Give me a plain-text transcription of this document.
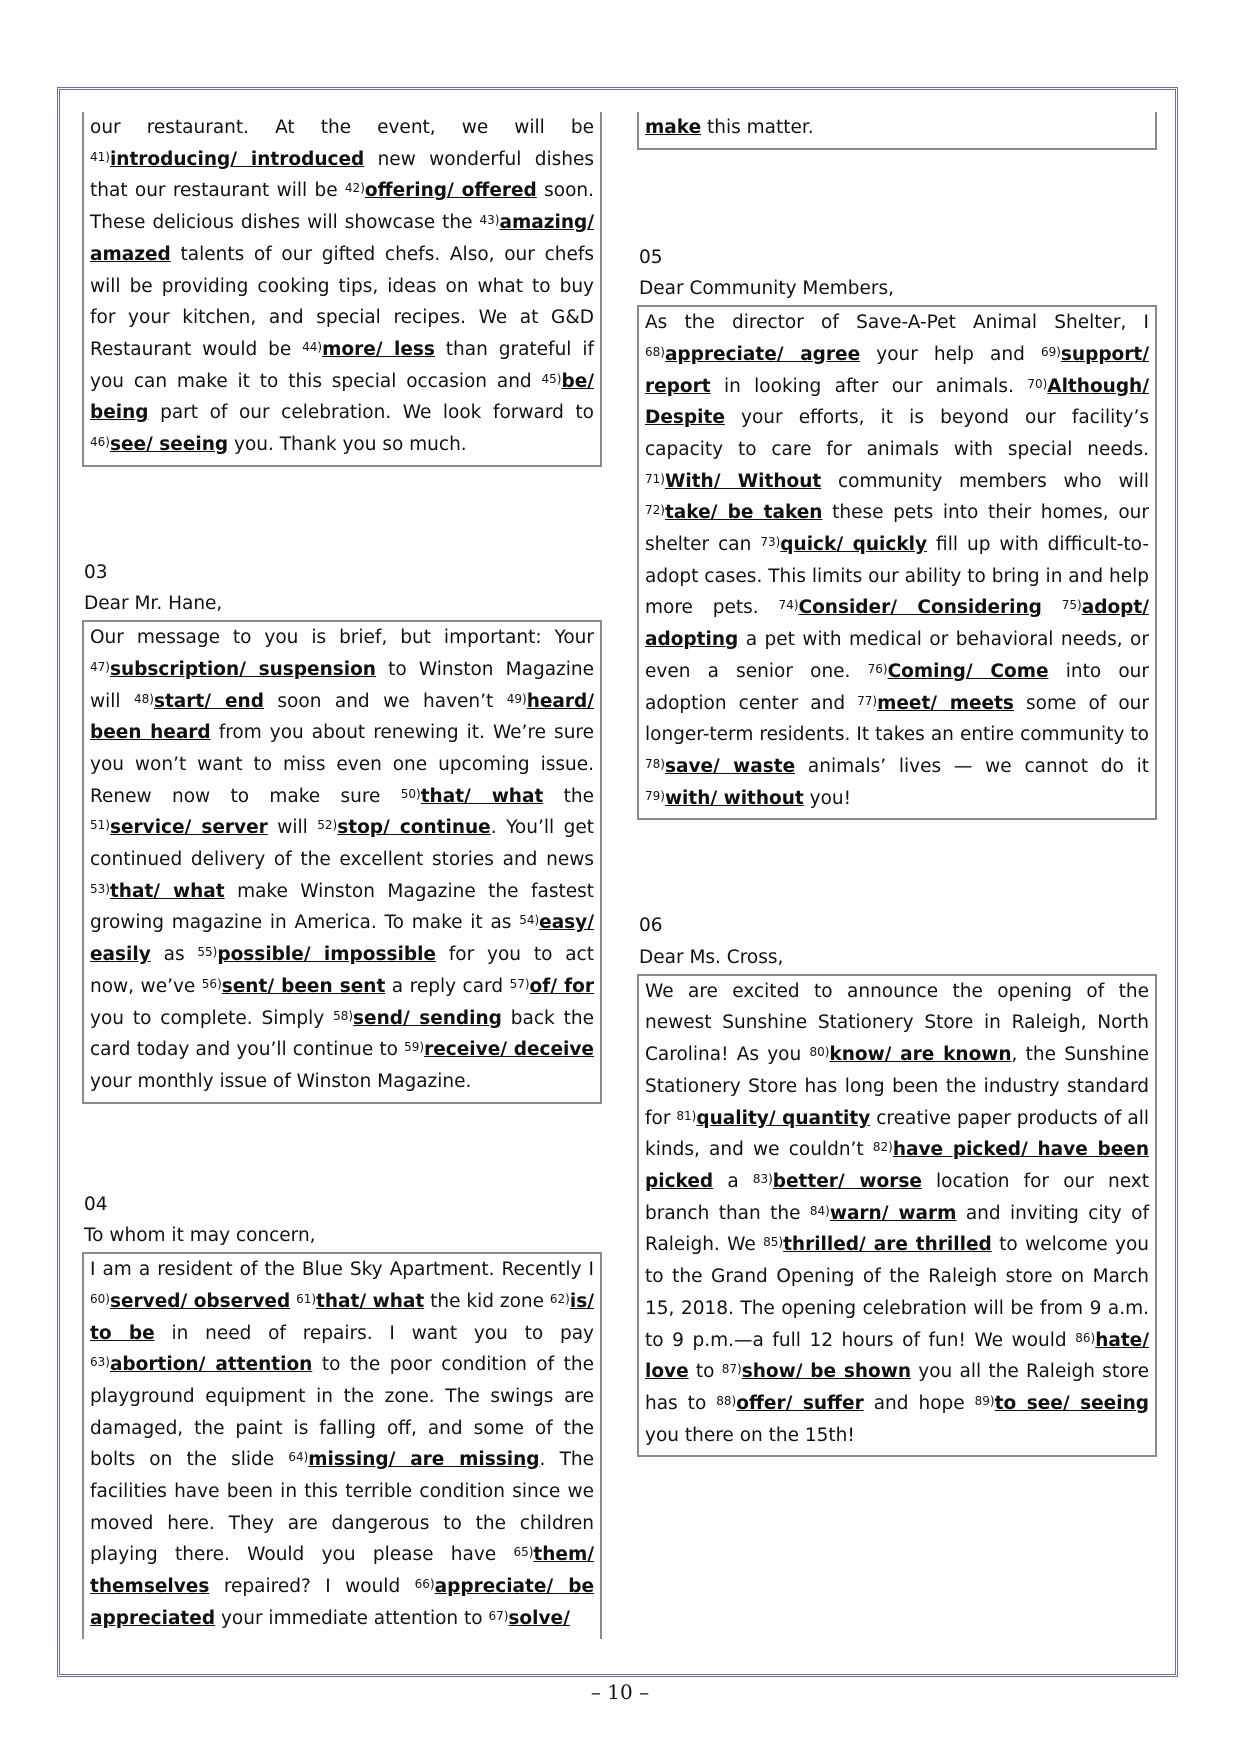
our restaurant. At the event, we will be $^{41)}$introducing/ introduced new wonderful dishes that our restaurant will be $^{42)}$offering/ offered soon. These delicious dishes will showcase the $^{43)}$amazing/ amazed talents of our gifted chefs. Also, our chefs will be providing cooking tips, ideas on what to buy for your kitchen, and special recipes. We at G&D Restaurant would be $^{44)}$more/ less than grateful if you can make it to this special occasion and $^{45)}$be/ being part of our celebration. We look forward to $^{46)}$see/ seeing you. Thank you so much.

03
Dear Mr. Hane,

Our message to you is brief, but important: Your $^{47)}$subscription/ suspension to Winston Magazine will $^{48)}$start/ end soon and we haven’t $^{49)}$heard/ been heard from you about renewing it. We’re sure you won’t want to miss even one upcoming issue. Renew now to make sure $^{50)}$that/ what the $^{51)}$service/ server will $^{52)}$stop/ continue. You’ll get continued delivery of the excellent stories and news $^{53)}$that/ what make Winston Magazine the fastest growing magazine in America. To make it as $^{54)}$easy/ easily as $^{55)}$possible/ impossible for you to act now, we’ve $^{56)}$sent/ been sent a reply card $^{57)}$of/ for you to complete. Simply $^{58)}$send/ sending back the card today and you’ll continue to $^{59)}$receive/ deceive your monthly issue of Winston Magazine.

04
To whom it may concern,

I am a resident of the Blue Sky Apartment. Recently I $^{60)}$served/ observed $^{61)}$that/ what the kid zone $^{62)}$is/ to be in need of repairs. I want you to pay $^{63)}$abortion/ attention to the poor condition of the playground equipment in the zone. The swings are damaged, the paint is falling off, and some of the bolts on the slide $^{64)}$missing/ are missing. The facilities have been in this terrible condition since we moved here. They are dangerous to the children playing there. Would you please have $^{65)}$them/ themselves repaired? I would $^{66)}$appreciate/ be appreciated your immediate attention to $^{67)}$solve/

make this matter.

05
Dear Community Members,

As the director of Save-A-Pet Animal Shelter, I $^{68)}$appreciate/ agree your help and $^{69)}$support/ report in looking after our animals. $^{70)}$Although/ Despite your efforts, it is beyond our facility’s capacity to care for animals with special needs. $^{71)}$With/ Without community members who will $^{72)}$take/ be taken these pets into their homes, our shelter can $^{73)}$quick/ quickly fill up with difficult-to-adopt cases. This limits our ability to bring in and help more pets. $^{74)}$Consider/ Considering $^{75)}$adopt/ adopting a pet with medical or behavioral needs, or even a senior one. $^{76)}$Coming/ Come into our adoption center and $^{77)}$meet/ meets some of our longer-term residents. It takes an entire community to $^{78)}$save/ waste animals’ lives — we cannot do it $^{79)}$with/ without you!

06
Dear Ms. Cross,

We are excited to announce the opening of the newest Sunshine Stationery Store in Raleigh, North Carolina! As you $^{80)}$know/ are known, the Sunshine Stationery Store has long been the industry standard for $^{81)}$quality/ quantity creative paper products of all kinds, and we couldn’t $^{82)}$have picked/ have been picked a $^{83)}$better/ worse location for our next branch than the $^{84)}$warn/ warm and inviting city of Raleigh. We $^{85)}$thrilled/ are thrilled to welcome you to the Grand Opening of the Raleigh store on March 15, 2018. The opening celebration will be from 9 a.m. to 9 p.m.—a full 12 hours of fun! We would $^{86)}$hate/ love to $^{87)}$show/ be shown you all the Raleigh store has to $^{88)}$offer/ suffer and hope $^{89)}$to see/ seeing you there on the 15th!

– 10 –
